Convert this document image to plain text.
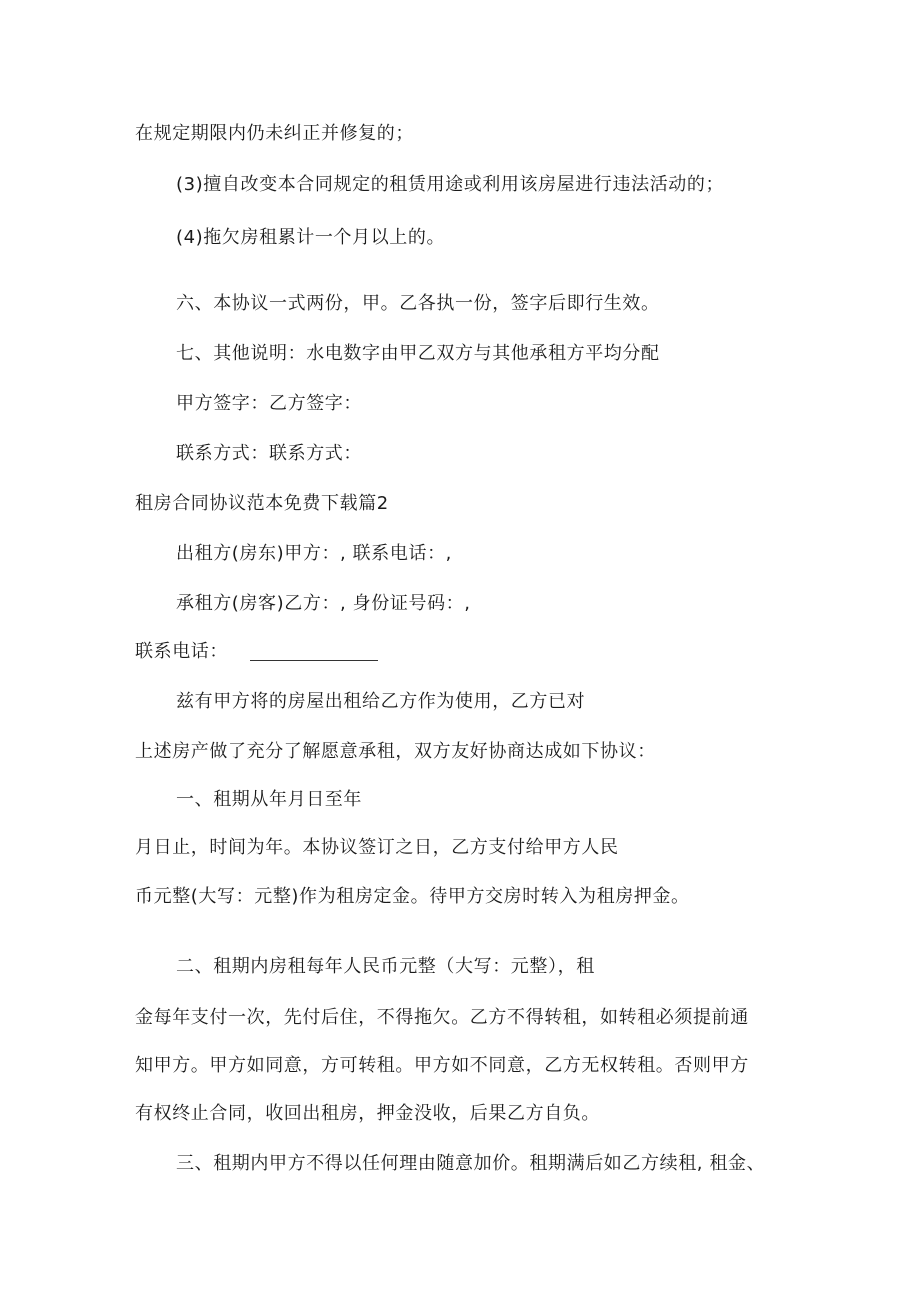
在规定期限内仍未纠正并修复的；
(3)擅自改变本合同规定的租赁用途或利用该房屋进行违法活动的；
(4)拖欠房租累计一个月以上的。
六、本协议一式两份，甲。乙各执一份，签字后即行生效。
七、其他说明：水电数字由甲乙双方与其他承租方平均分配
甲方签字：乙方签字：
联系方式：联系方式：
租房合同协议范本免费下载篇2
出租方(房东)甲方：, 联系电话：,
承租方(房客)乙方：, 身份证号码：,
联系电话：
兹有甲方将的房屋出租给乙方作为使用，乙方已对
上述房产做了充分了解愿意承租，双方友好协商达成如下协议：
一、租期从年月日至年
月日止，时间为年。本协议签订之日，乙方支付给甲方人民
币元整(大写：元整)作为租房定金。待甲方交房时转入为租房押金。
二、租期内房租每年人民币元整（大写：元整），租
金每年支付一次，先付后住，不得拖欠。乙方不得转租，如转租必须提前通
知甲方。甲方如同意，方可转租。甲方如不同意，乙方无权转租。否则甲方
有权终止合同，收回出租房，押金没收，后果乙方自负。
三、租期内甲方不得以任何理由随意加价。租期满后如乙方续租, 租金、
